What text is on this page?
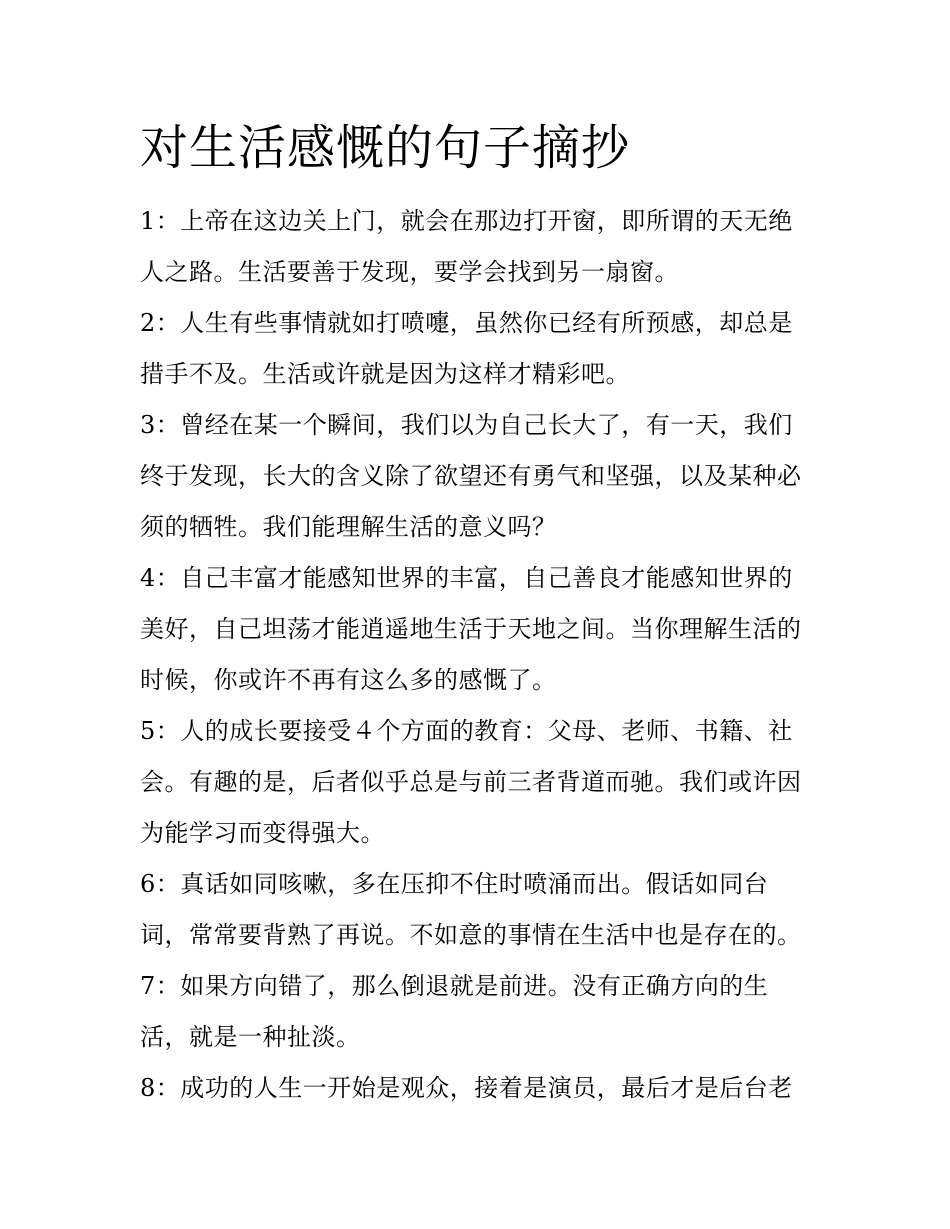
对生活感慨的句子摘抄
1：上帝在这边关上门，就会在那边打开窗，即所谓的天无绝
人之路。生活要善于发现，要学会找到另一扇窗。
2：人生有些事情就如打喷嚏，虽然你已经有所预感，却总是
措手不及。生活或许就是因为这样才精彩吧。
3：曾经在某一个瞬间，我们以为自己长大了，有一天，我们
终于发现，长大的含义除了欲望还有勇气和坚强，以及某种必
须的牺牲。我们能理解生活的意义吗？
4：自己丰富才能感知世界的丰富，自己善良才能感知世界的
美好，自己坦荡才能逍遥地生活于天地之间。当你理解生活的
时候，你或许不再有这么多的感慨了。
5：人的成长要接受４个方面的教育：父母、老师、书籍、社
会。有趣的是，后者似乎总是与前三者背道而驰。我们或许因
为能学习而变得强大。
6：真话如同咳嗽，多在压抑不住时喷涌而出。假话如同台
词，常常要背熟了再说。不如意的事情在生活中也是存在的。
7：如果方向错了，那么倒退就是前进。没有正确方向的生
活，就是一种扯淡。
8：成功的人生一开始是观众，接着是演员，最后才是后台老
